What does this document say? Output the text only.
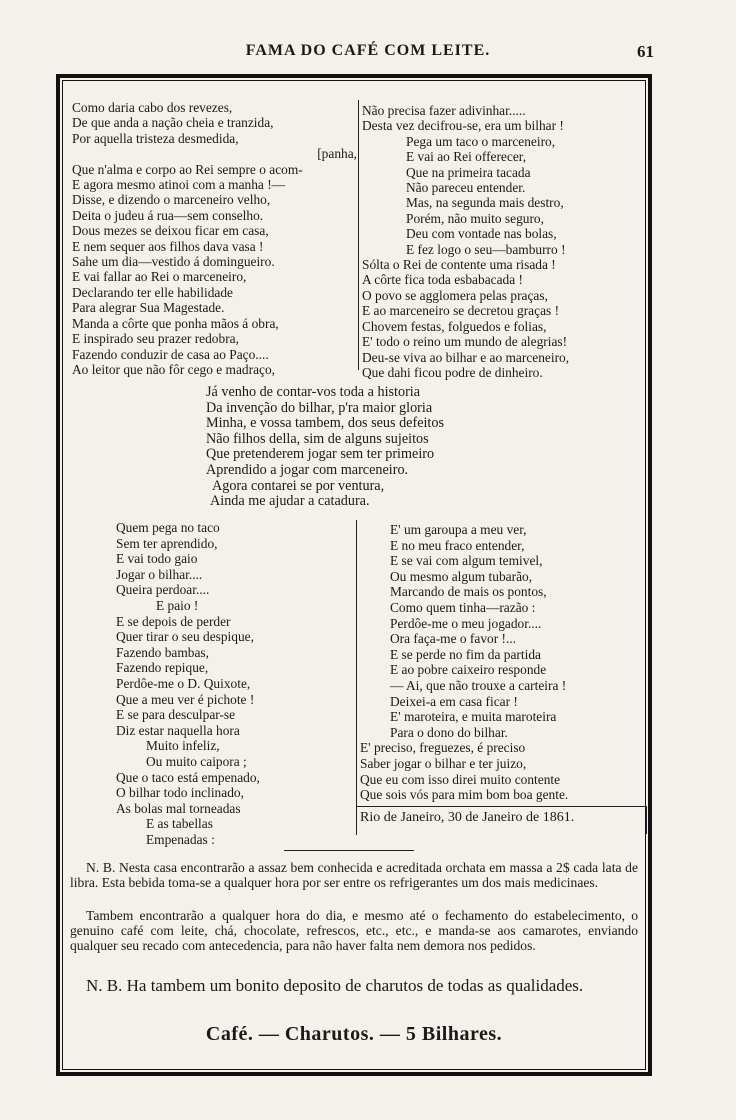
FAMA DO CAFÉ COM LEITE.	61
Como daria cabo dos revezes,
De que anda a nação cheia e tranzida,
Por aquella tristeza desmedida,
[panha,
Que n'alma e corpo ao Rei sempre o acom-
E agora mesmo atinoi com a manha !—
Disse, e dizendo o marceneiro velho,
Deita o judeu á rua—sem conselho.
Dous mezes se deixou ficar em casa,
E nem sequer aos filhos dava vasa !
Sahe um dia—vestido á domingueiro.
E vai fallar ao Rei o marceneiro,
Declarando ter elle habilidade
Para alegrar Sua Magestade.
Manda a côrte que ponha mãos á obra,
E inspirado seu prazer redobra,
Fazendo conduzir de casa ao Paço....
Ao leitor que não fôr cego e madraço,
Não precisa fazer adivinhar.....
Desta vez decifrou-se, era um bilhar !
Pega um taco o marceneiro,
E vai ao Rei offerecer,
Que na primeira tacada
Não pareceu entender.
Mas, na segunda mais destro,
Porém, não muito seguro,
Deu com vontade nas bolas,
E fez logo o seu—bamburro !
Sólta o Rei de contente uma risada !
A côrte fica toda esbabacada !
O povo se agglomera pelas praças,
E ao marceneiro se decretou graças !
Chovem festas, folguedos e folias,
E' todo o reino um mundo de alegrias!
Deu-se viva ao bilhar e ao marceneiro,
Que dahi ficou podre de dinheiro.
Já venho de contar-vos toda a historia
Da invenção do bilhar, p'ra maior gloria
Minha, e vossa tambem, dos seus defeitos
Não filhos della, sim de alguns sujeitos
Que pretenderem jogar sem ter primeiro
Aprendido a jogar com marceneiro.
Agora contarei se por ventura,
Ainda me ajudar a catadura.
Quem pega no taco
Sem ter aprendido,
E vai todo gaio
Jogar o bilhar....
Queira perdoar....
E paio !
E se depois de perder
Quer tirar o seu despique,
Fazendo bambas,
Fazendo repique,
Perdôe-me o D. Quixote,
Que a meu ver é pichote !
E se para desculpar-se
Diz estar naquella hora
Muito infeliz,
Ou muito caipora ;
Que o taco está empenado,
O bilhar todo inclinado,
As bolas mal torneadas
E as tabellas
Empenadas :
E' um garoupa a meu ver,
E no meu fraco entender,
E se vai com algum temivel,
Ou mesmo algum tubarão,
Marcando de mais os pontos,
Como quem tinha—razão :
Perdôe-me o meu jogador....
Ora faça-me o favor !...
E se perde no fim da partida
E ao pobre caixeiro responde
— Ai, que não trouxe a carteira !
Deixei-a em casa ficar !
E' maroteira, e muita maroteira
Para o dono do bilhar.
E' preciso, freguezes, é preciso
Saber jogar o bilhar e ter juizo,
Que eu com isso direi muito contente
Que sois vós para mim bom boa gente.
Rio de Janeiro, 30 de Janeiro de 1861.
N. B. Nesta casa encontrarão a assaz bem conhecida e acreditada orchata em massa a 2$ cada lata de libra. Esta bebida toma-se a qualquer hora por ser entre os refrigerantes um dos mais medicinaes.
Tambem encontrarão a qualquer hora do dia, e mesmo até o fechamento do estabelecimento, o genuino café com leite, chá, chocolate, refrescos, etc., etc., e manda-se aos camarotes, enviando qualquer seu recado com antecedencia, para não haver falta nem demora nos pedidos.
N. B. Ha tambem um bonito deposito de charutos de todas as qualidades.
Café. — Charutos. — 5 Bilhares.
